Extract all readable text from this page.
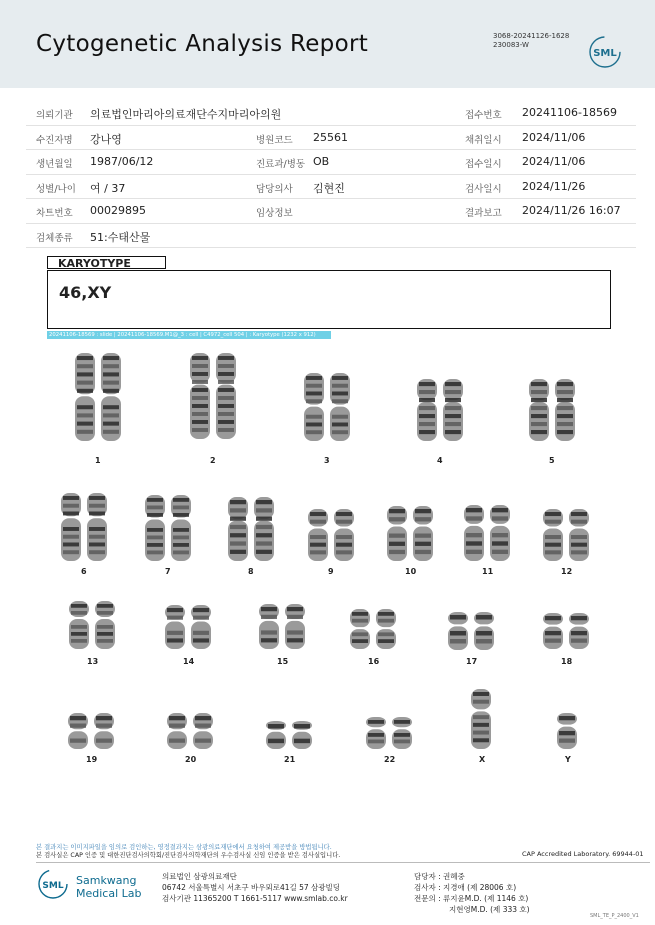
Cytogenetic Analysis Report	3068-20241126-1628
230083-W
SML
의뢰기관 의료법인마리아의료재단수지마리아의원	접수번호 20241106-18569
수진자명 강나영	병원코드 25561	채취일시 2024/11/06
생년월일 1987/06/12	진료과/병동 OB	접수일시 2024/11/06
성별/나이 여 / 37	담당의사 김현진	검사일시 2024/11/26
차트번호 00029895	임상정보	결과보고 2024/11/26 16:07
검체종류 51:수태산물
KARYOTYPE
46,XY
20241106-18569 : slide | 20241106-18569.M1@_3 : cell | C4972_cell 504 | : Karyotype (1232 x 912)
1	2	3	4	5
6	7	8	9	10	11	12
13	14	15	16	17	18
19	20	21	22	X	Y
본 결과지는 이미지파일을 임의로 검인하는, 영정결과지는 삼광의료재단에서 요청하여 제공받을 방법됩니다.
본 검사실은 CAP 인증 및 대한진단검사의학회/진단검사의학재단의 우수검사실 신임 인증을 받은 검사실입니다.	CAP Accredited Laboratory. 69944-01
SML Samkwang
Medical Lab
의료법인 삼광의료재단
06742 서울특별시 서초구 바우뫼로41길 57 삼광빌딩
검사기관 11365200 T 1661-5117 www.smlab.co.kr
담당자 : 권혜중
검사자 : 지경애 (제 28006 호)
전문의 : 류지윤M.D. (제 1146 호)
지현영M.D. (제 333 호)
SML_TE_P_2400_V1
